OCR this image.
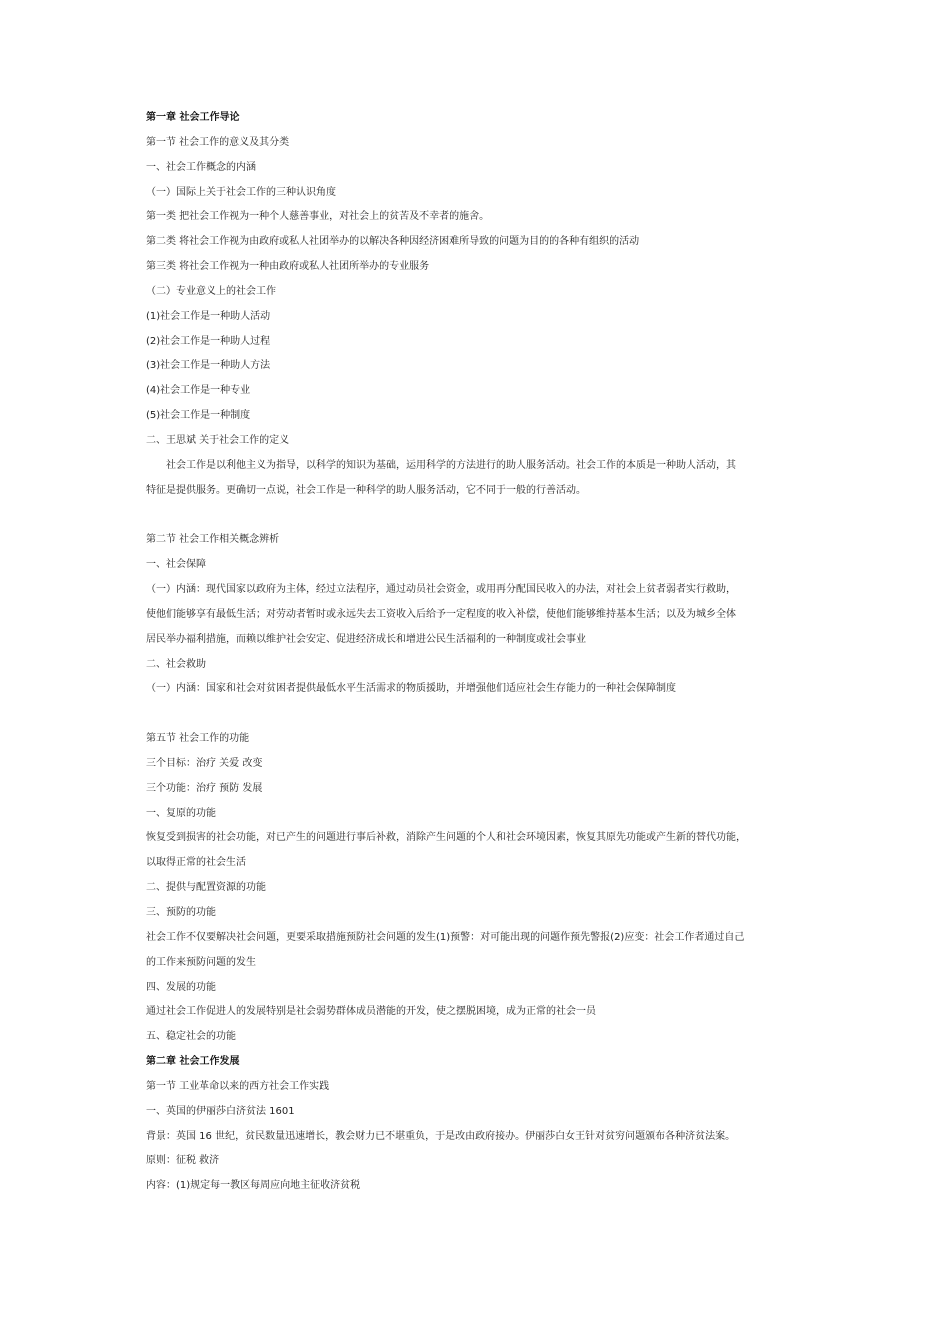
第一章 社会工作导论
第一节 社会工作的意义及其分类
一、社会工作概念的内涵
（一）国际上关于社会工作的三种认识角度
第一类 把社会工作视为一种个人慈善事业，对社会上的贫苦及不幸者的施舍。
第二类 将社会工作视为由政府或私人社团举办的以解决各种因经济困难所导致的问题为目的的各种有组织的活动
第三类 将社会工作视为一种由政府或私人社团所举办的专业服务
（二）专业意义上的社会工作
(1)社会工作是一种助人活动
(2)社会工作是一种助人过程
(3)社会工作是一种助人方法
(4)社会工作是一种专业
(5)社会工作是一种制度
二、王思斌 关于社会工作的定义
社会工作是以利他主义为指导，以科学的知识为基础，运用科学的方法进行的助人服务活动。社会工作的本质是一种助人活动，其
特征是提供服务。更确切一点说，社会工作是一种科学的助人服务活动，它不同于一般的行善活动。
第二节 社会工作相关概念辨析
一、社会保障
（一）内涵：现代国家以政府为主体，经过立法程序，通过动员社会资金，或用再分配国民收入的办法，对社会上贫者弱者实行救助，
使他们能够享有最低生活；对劳动者暂时或永远失去工资收入后给予一定程度的收入补偿，使他们能够维持基本生活；以及为城乡全体
居民举办福利措施，而赖以维护社会安定、促进经济成长和增进公民生活福利的一种制度或社会事业
二、社会救助
（一）内涵：国家和社会对贫困者提供最低水平生活需求的物质援助，并增强他们适应社会生存能力的一种社会保障制度
第五节 社会工作的功能
三个目标：治疗 关爱 改变
三个功能：治疗 预防 发展
一、复原的功能
恢复受到损害的社会功能，对已产生的问题进行事后补救，消除产生问题的个人和社会环境因素，恢复其原先功能或产生新的替代功能，
以取得正常的社会生活
二、提供与配置资源的功能
三、预防的功能
社会工作不仅要解决社会问题，更要采取措施预防社会问题的发生(1)预警：对可能出现的问题作预先警报(2)应变：社会工作者通过自己
的工作来预防问题的发生
四、发展的功能
通过社会工作促进人的发展特别是社会弱势群体成员潜能的开发，使之摆脱困境，成为正常的社会一员
五、稳定社会的功能
第二章 社会工作发展
第一节 工业革命以来的西方社会工作实践
一、英国的伊丽莎白济贫法 1601
背景：英国 16 世纪，贫民数量迅速增长，教会财力已不堪重负，于是改由政府接办。伊丽莎白女王针对贫穷问题颁布各种济贫法案。
原则：征税 救济
内容：(1)规定每一教区每周应向地主征收济贫税
